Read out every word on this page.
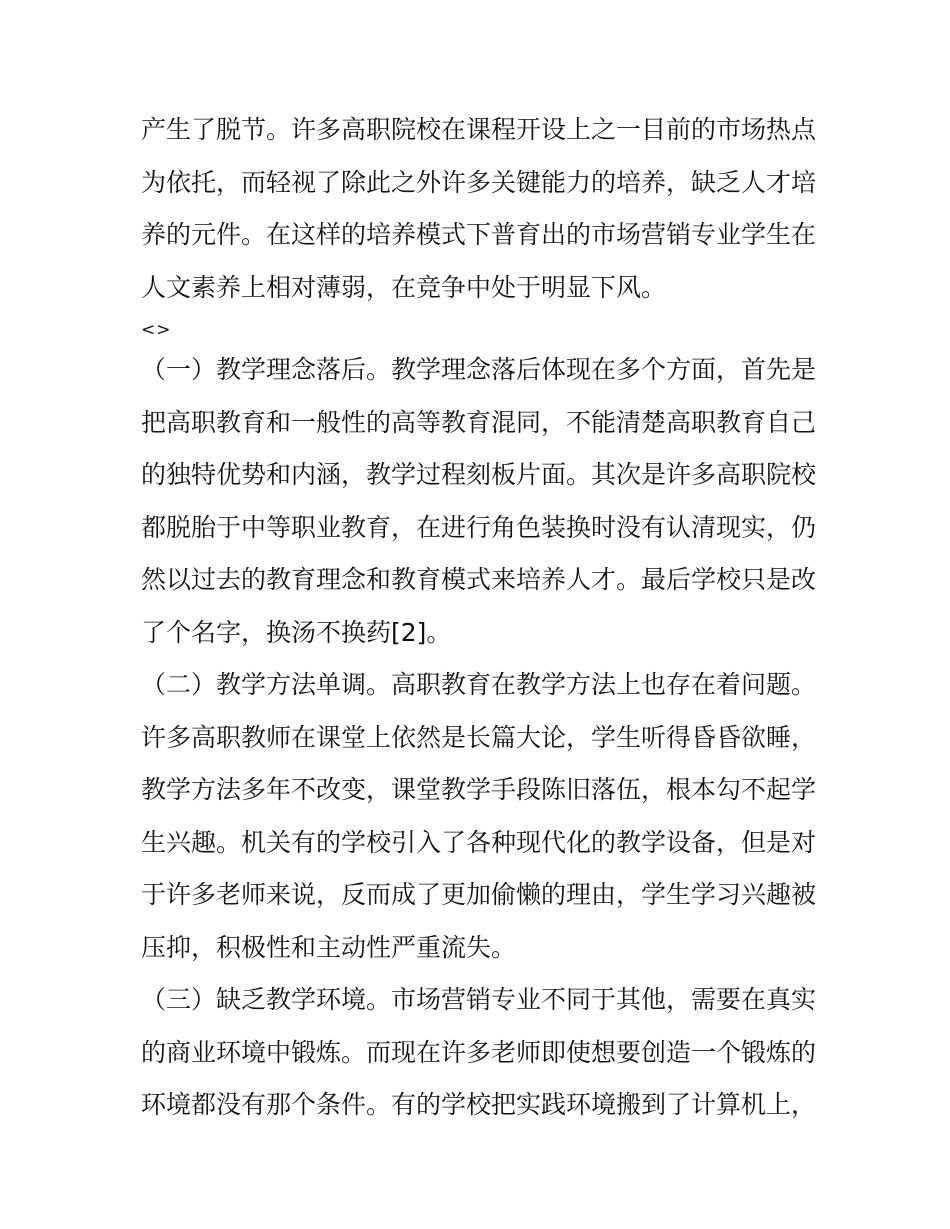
产生了脱节。许多高职院校在课程开设上之一目前的市场热点
为依托，而轻视了除此之外许多关键能力的培养，缺乏人才培
养的元件。在这样的培养模式下普育出的市场营销专业学生在
人文素养上相对薄弱，在竞争中处于明显下风。
<>
（一）教学理念落后。教学理念落后体现在多个方面，首先是
把高职教育和一般性的高等教育混同，不能清楚高职教育自己
的独特优势和内涵，教学过程刻板片面。其次是许多高职院校
都脱胎于中等职业教育，在进行角色装换时没有认清现实，仍
然以过去的教育理念和教育模式来培养人才。最后学校只是改
了个名字，换汤不换药[2]。
（二）教学方法单调。高职教育在教学方法上也存在着问题。
许多高职教师在课堂上依然是长篇大论，学生听得昏昏欲睡，
教学方法多年不改变，课堂教学手段陈旧落伍，根本勾不起学
生兴趣。机关有的学校引入了各种现代化的教学设备，但是对
于许多老师来说，反而成了更加偷懒的理由，学生学习兴趣被
压抑，积极性和主动性严重流失。
（三）缺乏教学环境。市场营销专业不同于其他，需要在真实
的商业环境中锻炼。而现在许多老师即使想要创造一个锻炼的
环境都没有那个条件。有的学校把实践环境搬到了计算机上，
